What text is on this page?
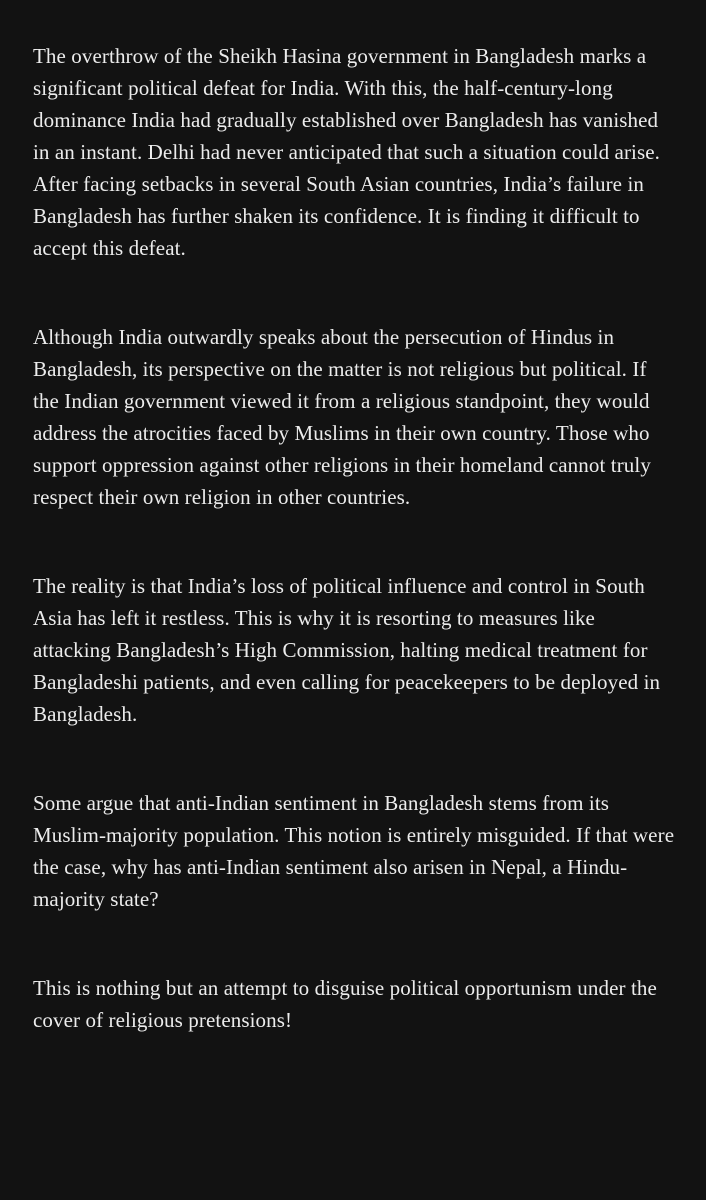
The overthrow of the Sheikh Hasina government in Bangladesh marks a significant political defeat for India. With this, the half-century-long dominance India had gradually established over Bangladesh has vanished in an instant. Delhi had never anticipated that such a situation could arise. After facing setbacks in several South Asian countries, India’s failure in Bangladesh has further shaken its confidence. It is finding it difficult to accept this defeat.

Although India outwardly speaks about the persecution of Hindus in Bangladesh, its perspective on the matter is not religious but political. If the Indian government viewed it from a religious standpoint, they would address the atrocities faced by Muslims in their own country. Those who support oppression against other religions in their homeland cannot truly respect their own religion in other countries.

The reality is that India’s loss of political influence and control in South Asia has left it restless. This is why it is resorting to measures like attacking Bangladesh’s High Commission, halting medical treatment for Bangladeshi patients, and even calling for peacekeepers to be deployed in Bangladesh.

Some argue that anti-Indian sentiment in Bangladesh stems from its Muslim-majority population. This notion is entirely misguided. If that were the case, why has anti-Indian sentiment also arisen in Nepal, a Hindu-majority state?

This is nothing but an attempt to disguise political opportunism under the cover of religious pretensions!
